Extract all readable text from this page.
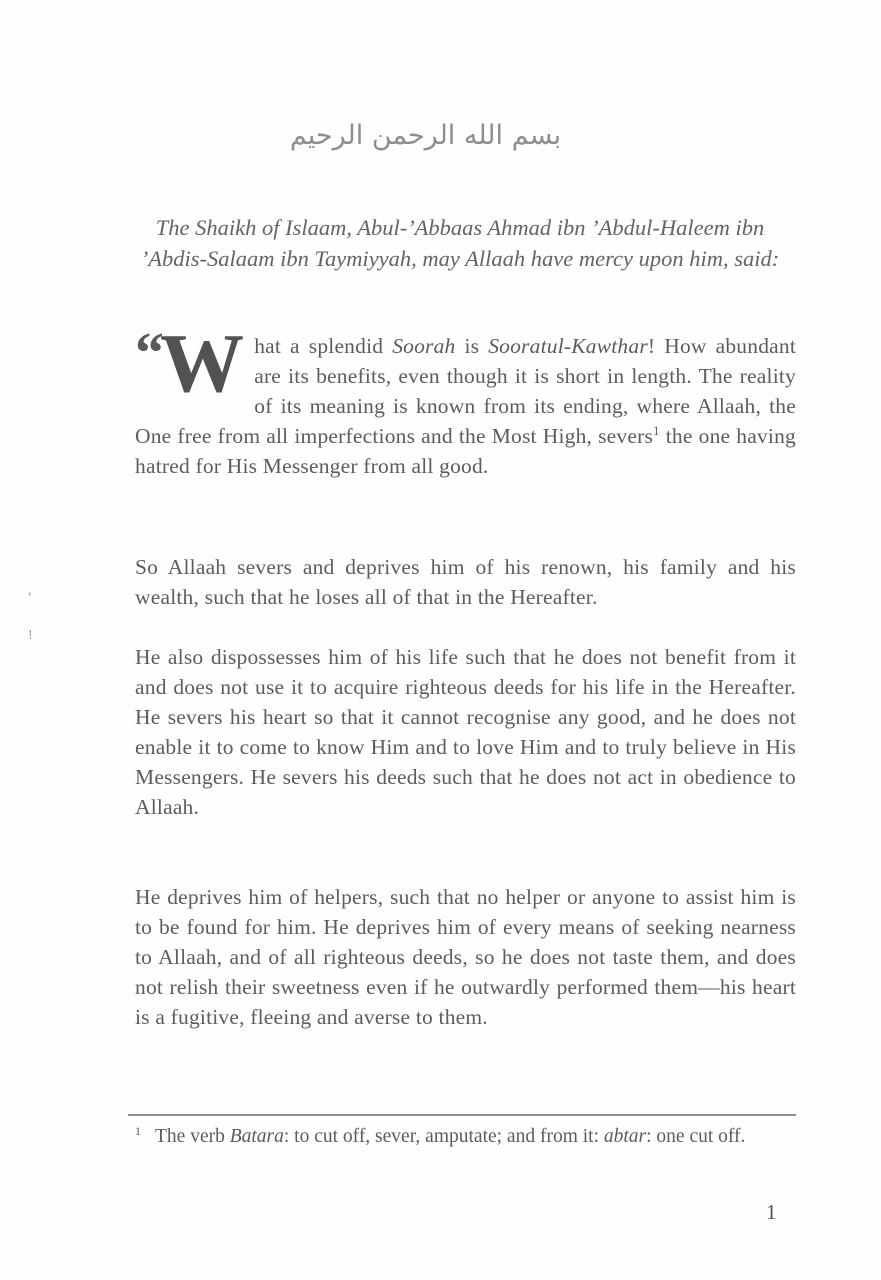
بسم الله الرحمن الرحيم
The Shaikh of Islaam, Abul-’Abbaas Ahmad ibn ’Abdul-Haleem ibn
’Abdis-Salaam ibn Taymiyyah, may Allaah have mercy upon him, said:

“W hat a splendid Soorah is Sooratul-Kawthar! How abundant are its benefits, even though it is short in length. The reality of its meaning is known from its ending, where Allaah, the One free from all imperfections and the Most High, severs$^1$ the one having hatred for His Messenger from all good.

So Allaah severs and deprives him of his renown, his family and his wealth, such that he loses all of that in the Hereafter.

He also dispossesses him of his life such that he does not benefit from it and does not use it to acquire righteous deeds for his life in the Hereafter. He severs his heart so that it cannot recognise any good, and he does not enable it to come to know Him and to love Him and to truly believe in His Messengers. He severs his deeds such that he does not act in obedience to Allaah.

He deprives him of helpers, such that no helper or anyone to assist him is to be found for him. He deprives him of every means of seeking nearness to Allaah, and of all righteous deeds, so he does not taste them, and does not relish their sweetness even if he outwardly performed them—his heart is a fugitive, fleeing and averse to them.

$^1$ The verb Batara: to cut off, sever, amputate; and from it: abtar: one cut off.
1
ʻ
!
